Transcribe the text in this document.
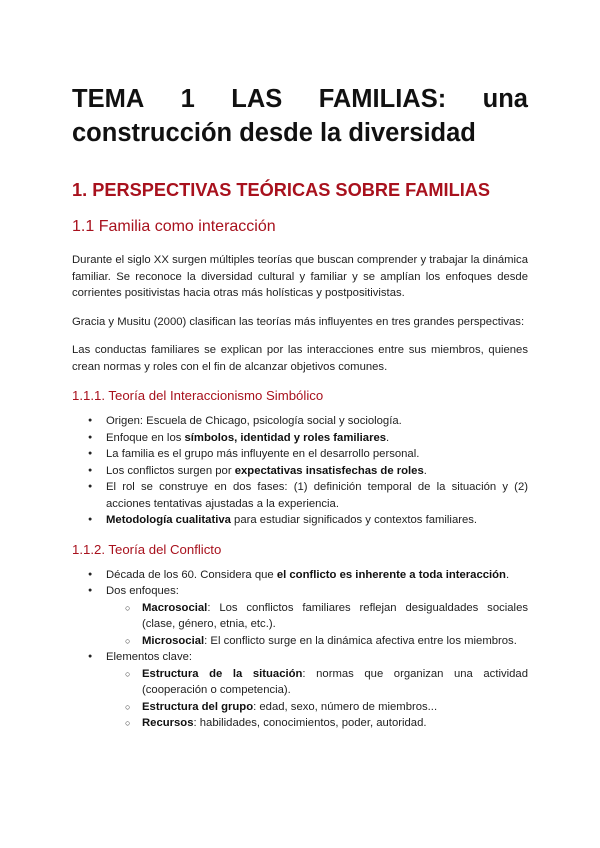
TEMA 1 LAS FAMILIAS: una
construcción desde la diversidad
1. PERSPECTIVAS TEÓRICAS SOBRE FAMILIAS
1.1 Familia como interacción

Durante el siglo XX surgen múltiples teorías que buscan comprender y trabajar la dinámica familiar. Se reconoce la diversidad cultural y familiar y se amplían los enfoques desde corrientes positivistas hacia otras más holísticas y postpositivistas.

Gracia y Musitu (2000) clasifican las teorías más influyentes en tres grandes perspectivas:

Las conductas familiares se explican por las interacciones entre sus miembros, quienes crean normas y roles con el fin de alcanzar objetivos comunes.

1.1.1. Teoría del Interaccionismo Simbólico
● Origen: Escuela de Chicago, psicología social y sociología.
● Enfoque en los símbolos, identidad y roles familiares.
● La familia es el grupo más influyente en el desarrollo personal.
● Los conflictos surgen por expectativas insatisfechas de roles.
● El rol se construye en dos fases: (1) definición temporal de la situación y (2) acciones tentativas ajustadas a la experiencia.
● Metodología cualitativa para estudiar significados y contextos familiares.
1.1.2. Teoría del Conflicto
● Década de los 60. Considera que el conflicto es inherente a toda interacción.
● Dos enfoques:
○ Macrosocial: Los conflictos familiares reflejan desigualdades sociales (clase, género, etnia, etc.).
○ Microsocial: El conflicto surge en la dinámica afectiva entre los miembros.
● Elementos clave:
○ Estructura de la situación: normas que organizan una actividad (cooperación o competencia).
○ Estructura del grupo: edad, sexo, número de miembros...
○ Recursos: habilidades, conocimientos, poder, autoridad.
